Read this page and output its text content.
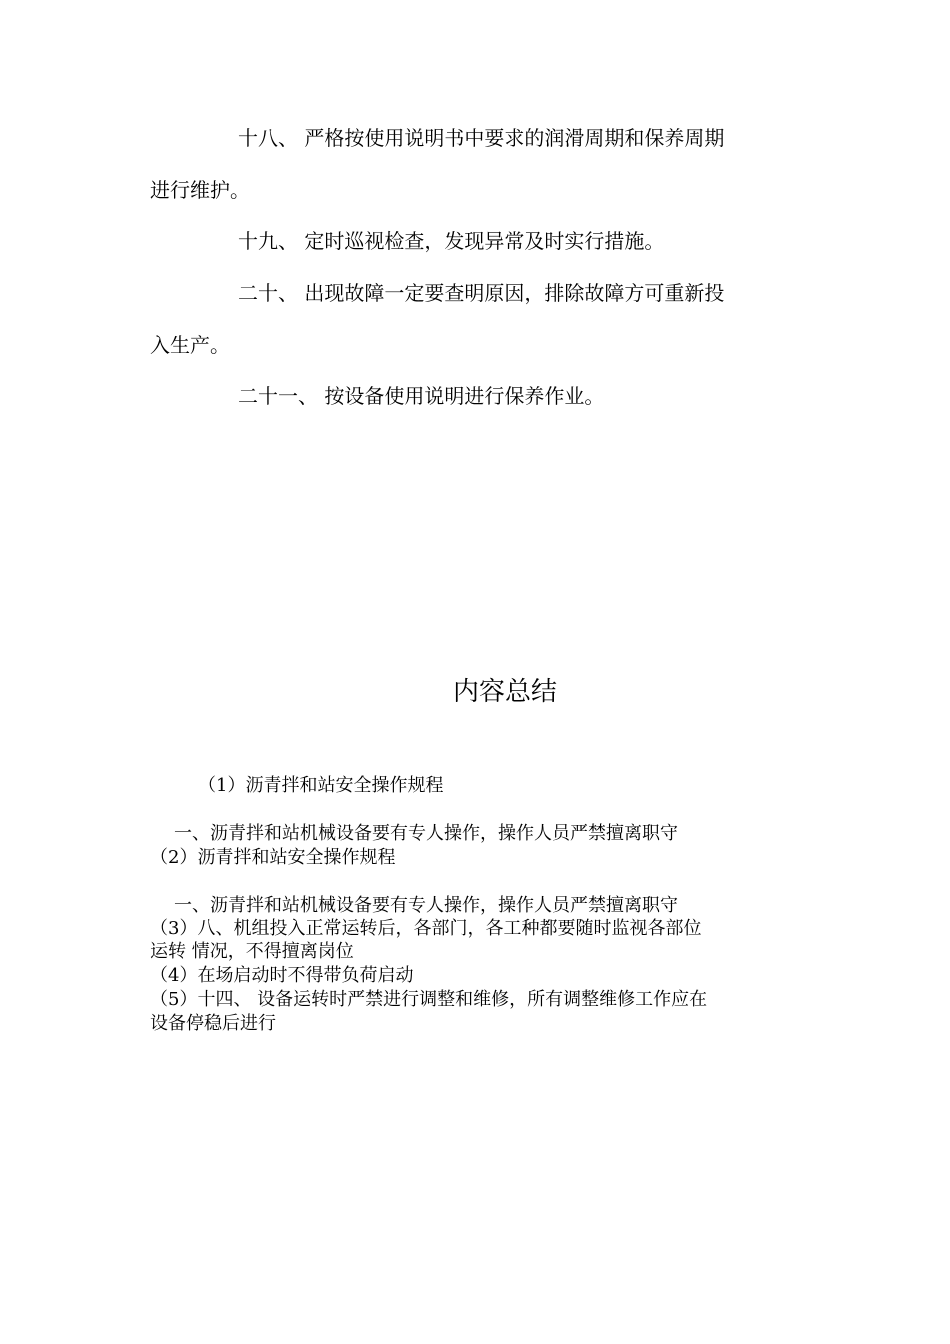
十八、 严格按使用说明书中要求的润滑周期和保养周期
进行维护。
十九、 定时巡视检查，发现异常及时实行措施。
二十、 出现故障一定要查明原因，排除故障方可重新投
入生产。
二十一、 按设备使用说明进行保养作业。
内容总结
（1）沥青拌和站安全操作规程
一、沥青拌和站机械设备要有专人操作，操作人员严禁擅离职守
（2）沥青拌和站安全操作规程
一、沥青拌和站机械设备要有专人操作，操作人员严禁擅离职守
（3）八、机组投入正常运转后，各部门，各工种都要随时监视各部位
运转 情况，不得擅离岗位
（4）在场启动时不得带负荷启动
（5）十四、 设备运转时严禁进行调整和维修，所有调整维修工作应在
设备停稳后进行
